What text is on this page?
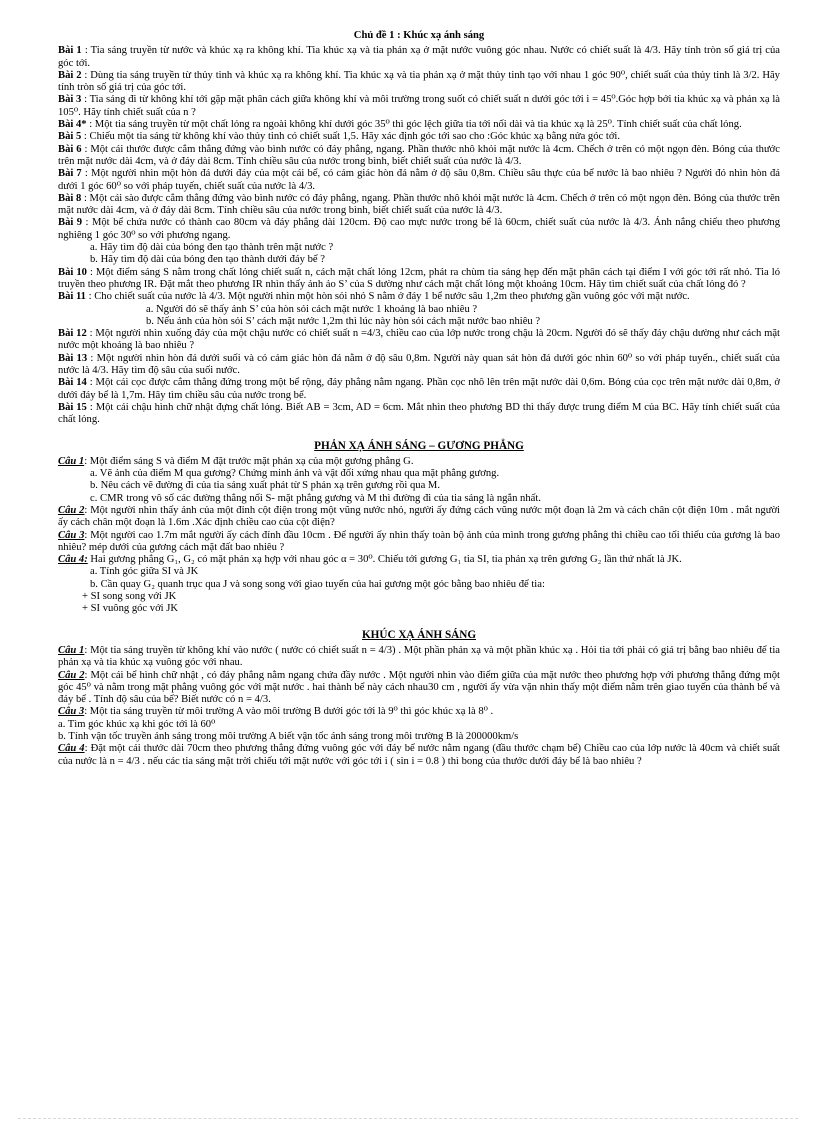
Chủ đề 1 : Khúc xạ ánh sáng

Bài 1 : Tia sáng truyền từ nước và khúc xạ ra không khí. Tia khúc xạ và tia phản xạ ở mặt nước vuông góc nhau. Nước có chiết suất là 4/3. Hãy tính tròn số giá trị của góc tới.

Bài 2 : Dùng tia sáng truyền từ thủy tinh và khúc xạ ra không khí. Tia khúc xạ và tia phản xạ ở mặt thủy tinh tạo với nhau 1 góc 90⁰, chiết suất của thủy tinh là 3/2. Hãy tính tròn số giá trị của góc tới.

Bài 3 : Tia sáng đi từ không khí tới gặp mặt phân cách giữa không khí và môi trường trong suốt có chiết suất n dưới góc tới i = 45⁰.Góc hợp bởi tia khúc xạ và phản xạ là 105⁰. Hãy tính chiết suất của n ?

Bài 4* : Một tia sáng truyền từ một chất lỏng ra ngoài không khí dưới góc 35⁰ thì góc lệch giữa tia tới nối dài và tia khúc xạ là 25⁰. Tính chiết suất của chất lỏng.

Bài 5 : Chiếu một tia sáng từ không khí vào thủy tinh có chiết suất 1,5. Hãy xác định góc tới sao cho :Góc khúc xạ bằng nửa góc tới.

Bài 6 : Một cái thước được cắm thẳng đứng vào bình nước có đáy phẳng, ngang. Phần thước nhô khỏi mặt nước là 4cm. Chếch ở trên có một ngọn đèn. Bóng của thước trên mặt nước dài 4cm, và ở đáy dài 8cm. Tính chiều sâu của nước trong bình, biết chiết suất của nước là 4/3.

Bài 7 : Một người nhìn một hòn đá dưới đáy của một cái bể, có cảm giác hòn đá nằm ở độ sâu 0,8m. Chiều sâu thực của bể nước là bao nhiêu ? Người đó nhìn hòn đá dưới 1 góc 60⁰ so với pháp tuyến, chiết suất của nước là 4/3.

Bài 8 : Một cái sào được cắm thẳng đứng vào bình nước có đáy phẳng, ngang. Phần thước nhô khỏi mặt nước là 4cm. Chếch ở trên có một ngọn đèn. Bóng của thước trên mặt nước dài 4cm, và ở đáy dài 8cm. Tính chiều sâu của nước trong bình, biết chiết suất của nước là 4/3.

Bài 9 : Một bể chứa nước có thành cao 80cm và đáy phẳng dài 120cm. Độ cao mực nước trong bể là 60cm, chiết suất của nước là 4/3. Ánh nắng chiếu theo phương nghiêng 1 góc 30⁰ so với phương ngang.

a. Hãy tìm độ dài của bóng đen tạo thành trên mặt nước ?

b. Hãy tìm độ dài của bóng đen tạo thành dưới đáy bể ?

Bài 10 : Một điểm sáng S nằm trong chất lỏng chiết suất n, cách mặt chất lỏng 12cm, phát ra chùm tia sáng hẹp đến mặt phân cách tại điểm I với góc tới rất nhỏ. Tia ló truyền theo phương IR. Đặt mắt theo phương IR nhìn thấy ảnh ảo S’ của S dường như cách mặt chất lỏng một khoảng 10cm. Hãy tìm chiết suất của chất lỏng đó ?

Bài 11 : Cho chiết suất của nước là 4/3. Một người nhìn một hòn sỏi nhỏ S nằm ở đáy 1 bể nước sâu 1,2m theo phương gần vuông góc với mặt nước.

a. Người đó sẽ thấy ảnh S’ của hòn sỏi cách mặt nước 1 khoảng là bao nhiêu ?

b. Nếu ảnh của hòn sỏi S’ cách mặt nước 1,2m thì lúc này hòn sỏi cách mặt nước bao nhiêu ?

Bài 12 : Một người nhìn xuống đáy của một chậu nước có chiết suất n =4/3, chiều cao của lớp nước trong chậu là 20cm. Người đó sẽ thấy đáy chậu dường như cách mặt nước một khoảng là bao nhiêu ?

Bài 13 : Một người nhìn hòn đá dưới suối và có cảm giác hòn đá nằm ở độ sâu 0,8m. Người này quan sát hòn đá dưới góc nhìn 60⁰ so với pháp tuyến., chiết suất của nước là 4/3. Hãy tìm độ sâu của suối nước.

Bài 14 : Một cái cọc được cắm thẳng đứng trong một bể rộng, đáy phẳng nằm ngang. Phần cọc nhô lên trên mặt nước dài 0,6m. Bóng của cọc trên mặt nước dài 0,8m, ở dưới đáy bể là 1,7m. Hãy tìm chiều sâu của nước trong bể.

Bài 15 : Một cái chậu hình chữ nhật đựng chất lỏng. Biết AB = 3cm, AD = 6cm. Mắt nhìn theo phương BD thì thấy được trung điểm M của BC. Hãy tính chiết suất của chất lỏng.

PHẢN XẠ ÁNH SÁNG – GƯƠNG PHẲNG

Câu 1: Một điểm sáng S và điểm M đặt trước mặt phản xạ của một gương phẳng G.

a. Vẽ ảnh của điểm M qua gương? Chứng minh ảnh và vật đối xứng nhau qua mặt phẳng gương.

b. Nêu cách vẽ đường đi của tia sáng xuất phát từ S phản xạ trên gương rồi qua M.

c. CMR trong vô số các đường thẳng nối S- mặt phẳng gương và M thì đường đi của tia sáng là ngắn nhất.

Câu 2: Một người nhìn thấy ảnh của một đỉnh cột điện trong một vũng nước nhỏ, người ấy đứng cách vũng nước một đoạn là 2m và cách chân cột điện 10m . mắt người ấy cách chân một đoạn là 1.6m .Xác định chiều cao của cột điện?

Câu 3: Một người cao 1.7m mắt người ấy cách đỉnh đầu 10cm . Để người ấy nhìn thấy toàn bộ ảnh của mình trong gương phẳng thì chiều cao tối thiểu của gương là bao nhiêu? mép dưới của gương cách mặt đất bao nhiêu ?

Câu 4: Hai gương phẳng G₁, G₂ có mặt phản xạ hợp với nhau góc α = 30⁰. Chiếu tới gương G₁ tia SI, tia phản xạ trên gương G₂ lần thứ nhất là JK.

a. Tính góc giữa SI và JK

b. Cần quay G₂ quanh trục qua J và song song với giao tuyến của hai gương một góc bằng bao nhiêu để tia:

+ SI song song với JK

+ SI vuông góc với JK

KHÚC XẠ ÁNH SÁNG

Câu 1: Một tia sáng truyền từ không khí vào nước ( nước có chiết suất n = 4/3) . Một phần phản xạ và một phần khúc xạ . Hỏi tia tới phải có giá trị bằng bao nhiêu để tia phản xạ và tia khúc xạ vuông góc với nhau.

Câu 2: Một cái bể hình chữ nhật , có đáy phẳng nằm ngang chứa đầy nước . Một người nhìn vào điểm giữa của mặt nước theo phương hợp với phương thẳng đứng một góc 45⁰ và nằm trong mặt phẳng vuông góc với mặt nước . hai thành bể này cách nhau30 cm , người ấy vừa vặn nhìn thấy một điểm nằm trên giao tuyến của thành bể và đáy bể . Tính độ sâu của bể? Biết nước có n = 4/3.

Câu 3: Một tia sáng truyền từ môi trường A vào môi trường B dưới góc tới là 9⁰ thì góc khúc xạ là 8⁰ .

a. Tìm góc khúc xạ khi góc tới là 60⁰

b. Tính vận tốc truyền ánh sáng trong môi trường A biết vận tốc ánh sáng trong môi trường B là 200000km/s

Câu 4: Đặt một cái thước dài 70cm theo phương thẳng đứng vuông góc với đáy bể nước nằm ngang (đầu thước chạm bể) Chiều cao của lớp nước là 40cm và chiết suất của nước là n = 4/3 . nếu các tia sáng mặt trời chiếu tới mặt nước với góc tới i ( sin i = 0.8 ) thì bong của thước dưới đáy bể là bao nhiêu ?
